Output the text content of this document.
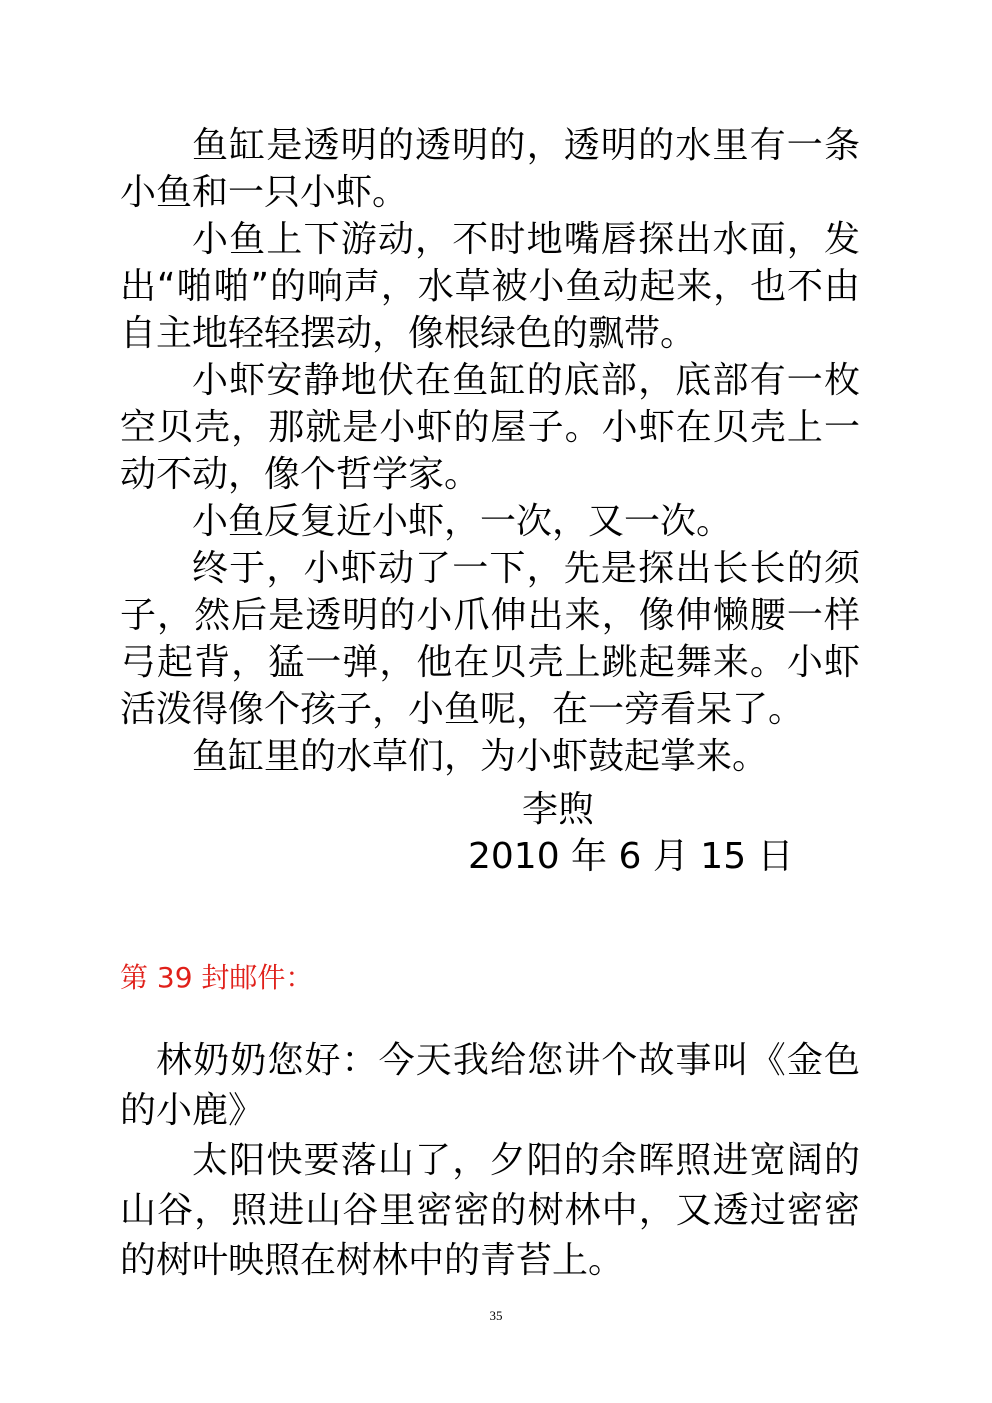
鱼缸是透明的透明的，透明的水里有一条小鱼和一只小虾。

小鱼上下游动，不时地嘴唇探出水面，发出“啪啪”的响声，水草被小鱼动起来，也不由自主地轻轻摆动，像根绿色的飘带。

小虾安静地伏在鱼缸的底部，底部有一枚空贝壳，那就是小虾的屋子。小虾在贝壳上一动不动，像个哲学家。

小鱼反复近小虾，一次，又一次。

终于，小虾动了一下，先是探出长长的须子，然后是透明的小爪伸出来，像伸懒腰一样弓起背，猛一弹，他在贝壳上跳起舞来。小虾活泼得像个孩子，小鱼呢，在一旁看呆了。

鱼缸里的水草们，为小虾鼓起掌来。

李煦
2010 年 6 月 15 日
第 39 封邮件：

林奶奶您好：今天我给您讲个故事叫《金色的小鹿》

太阳快要落山了，夕阳的余晖照进宽阔的山谷，照进山谷里密密的树林中，又透过密密的树叶映照在树林中的青苔上。

35
